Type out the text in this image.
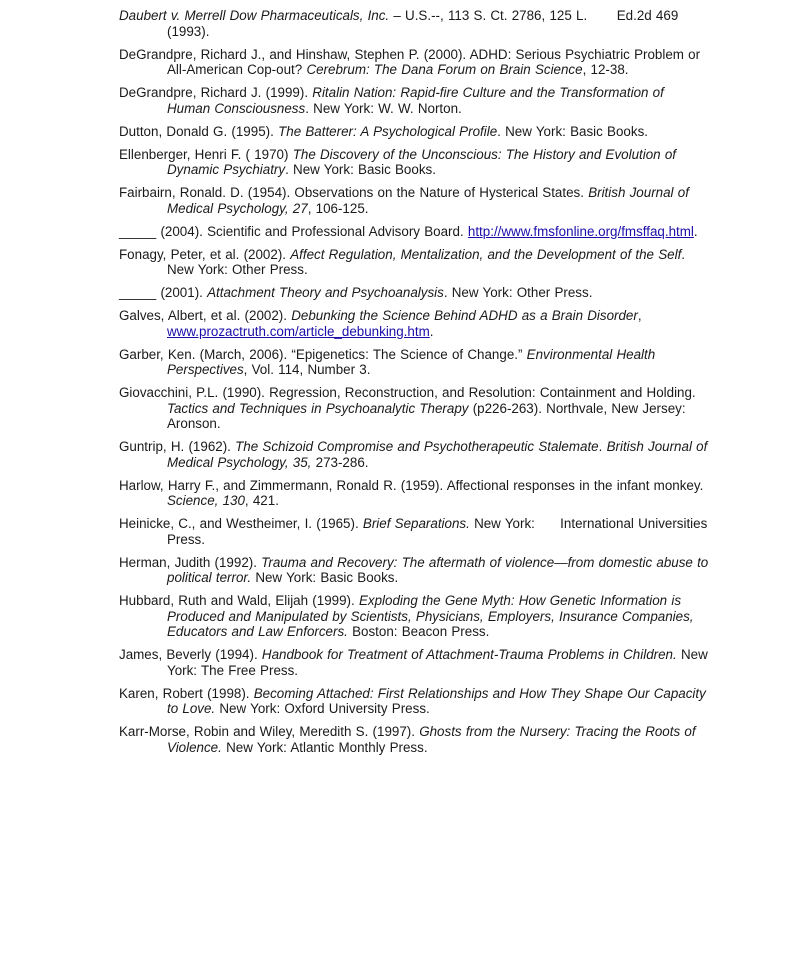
Daubert v. Merrell Dow Pharmaceuticals, Inc. – U.S.--, 113 S. Ct. 2786, 125 L.       Ed.2d 469 (1993).

DeGrandpre, Richard J., and Hinshaw, Stephen P. (2000). ADHD: Serious Psychiatric Problem or All-American Cop-out? Cerebrum: The Dana Forum on Brain Science, 12-38.

DeGrandpre, Richard J. (1999). Ritalin Nation: Rapid-fire Culture and the Transformation of Human Consciousness. New York: W. W. Norton.

Dutton, Donald G. (1995). The Batterer: A Psychological Profile. New York: Basic Books.

Ellenberger, Henri F. ( 1970) The Discovery of the Unconscious: The History and Evolution of Dynamic Psychiatry. New York: Basic Books.

Fairbairn, Ronald. D. (1954). Observations on the Nature of Hysterical States. British Journal of Medical Psychology, 27, 106-125.

_____ (2004). Scientific and Professional Advisory Board. http://www.fmsfonline.org/fmsffaq.html.

Fonagy, Peter, et al. (2002). Affect Regulation, Mentalization, and the Development of the Self. New York: Other Press.

_____ (2001). Attachment Theory and Psychoanalysis. New York: Other Press.

Galves, Albert, et al. (2002). Debunking the Science Behind ADHD as a Brain Disorder, www.prozactruth.com/article_debunking.htm.

Garber, Ken. (March, 2006). “Epigenetics: The Science of Change.” Environmental Health Perspectives, Vol. 114, Number 3.

Giovacchini, P.L. (1990). Regression, Reconstruction, and Resolution: Containment and Holding. Tactics and Techniques in Psychoanalytic Therapy (p226-263). Northvale, New Jersey: Aronson.

Guntrip, H. (1962). The Schizoid Compromise and Psychotherapeutic Stalemate. British Journal of Medical Psychology, 35, 273-286.

Harlow, Harry F., and Zimmermann, Ronald R. (1959). Affectional responses in the infant monkey. Science, 130, 421.

Heinicke, C., and Westheimer, I. (1965). Brief Separations. New York:      International Universities Press.

Herman, Judith (1992). Trauma and Recovery: The aftermath of violence—from domestic abuse to political terror. New York: Basic Books.

Hubbard, Ruth and Wald, Elijah (1999). Exploding the Gene Myth: How Genetic Information is Produced and Manipulated by Scientists, Physicians, Employers, Insurance Companies, Educators and Law Enforcers. Boston: Beacon Press.

James, Beverly (1994). Handbook for Treatment of Attachment-Trauma Problems in Children. New York: The Free Press.

Karen, Robert (1998). Becoming Attached: First Relationships and How They Shape Our Capacity to Love. New York: Oxford University Press.

Karr-Morse, Robin and Wiley, Meredith S. (1997). Ghosts from the Nursery: Tracing the Roots of Violence. New York: Atlantic Monthly Press.
